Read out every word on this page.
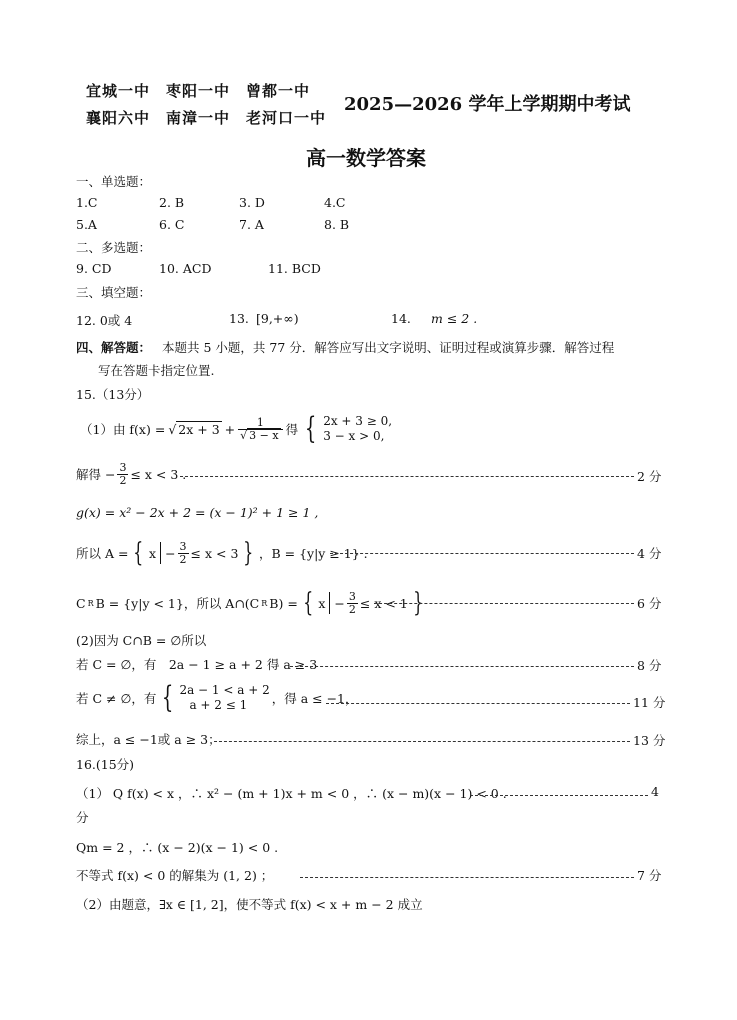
宜城一中　枣阳一中　曾都一中
襄阳六中　南漳一中　老河口一中
2025—2026 学年上学期期中考试
高一数学答案
一、单选题：
1.C	2. B	3. D	4.C
5.A	6. C	7. A	8. B
二、多选题：
9. CD	10. ACD	11. BCD
三、填空题：
12. 0或 4	13. [9,+∞)	14. m ≤ 2 .
四、解答题： 本题共 5 小题，共 77 分．解答应写出文字说明、证明过程或演算步骤．解答过程
写在答题卡指定位置.
15.（13分）
（1）由 f(x) = √ $2x + 3 + \frac{1}{√ 3 - x}$ 得 { 2x + 3 ≥ 0,
3 − x > 0,
解得 − $\frac{3}{2} \le x < 3$ .	2 分
g(x) = x² − 2x + 2 = (x − 1)² + 1 ≥ 1 ,
所以 A = { $x - \frac{3}{2} \le x < 3$ } ，B = {y|y ≥ 1} .	4 分
C R B = {y|y < 1}，所以 A∩(C R B) = { $x - \frac{3}{2} \le x < 1$ }	6 分
(2)因为 C∩B = ∅所以
若 C = ∅，有　2a − 1 ≥ a + 2 得 a ≥ 3	8 分
若 C ≠ ∅，有 { 2a − 1 < a + 2
a + 2 ≤ 1	，得 a ≤ −1，	11 分
综上，a ≤ −1或 a ≥ 3；	13 分
16.(15分)
（1） Q f(x) < x ，∴ x² − (m + 1)x + m < 0 ，∴ (x − m)(x − 1) < 0 .	4
分
Qm = 2 ，∴ (x − 2)(x − 1) < 0 .
不等式 f(x) < 0 的解集为 (1, 2) ；	7 分
（2）由题意，∃x ∈ [1, 2]，使不等式 f(x) < x + m − 2 成立
